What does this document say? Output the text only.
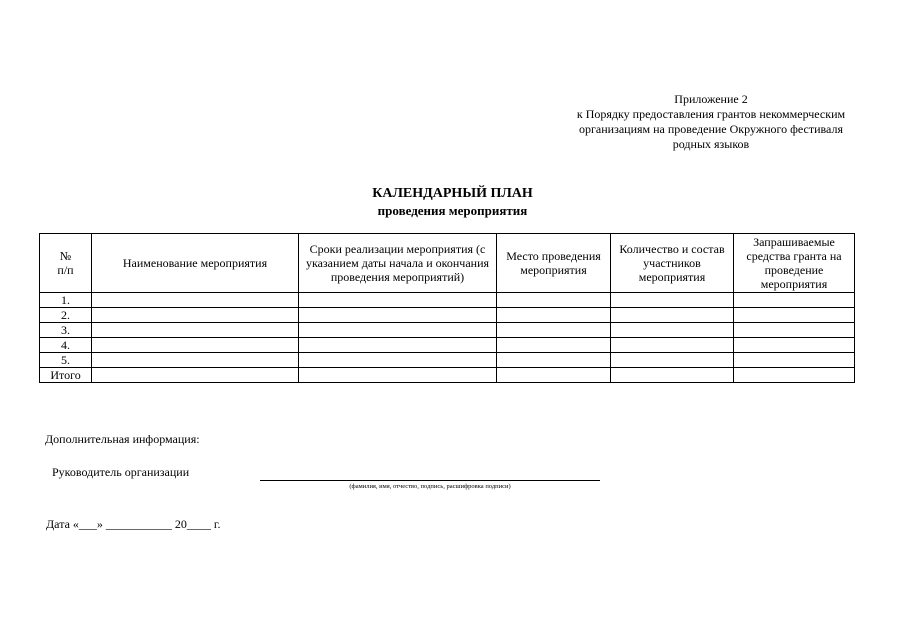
Приложение 2
к Порядку предоставления грантов некоммерческим
организациям на проведение Окружного фестиваля
родных языков
КАЛЕНДАРНЫЙ ПЛАН
проведения мероприятия
№
п/п	Наименование мероприятия	Сроки реализации мероприятия (с указанием даты начала и окончания проведения мероприятий)	Место проведения мероприятия	Количество и состав участников мероприятия	Запрашиваемые средства гранта на проведение мероприятия
1.					
2.					
3.					
4.					
5.					
Итого					
Дополнительная информация:
Руководитель организации
(фамилия, имя, отчество, подпись, расшифровка подписи)
Дата «___» ___________ 20____ г.
